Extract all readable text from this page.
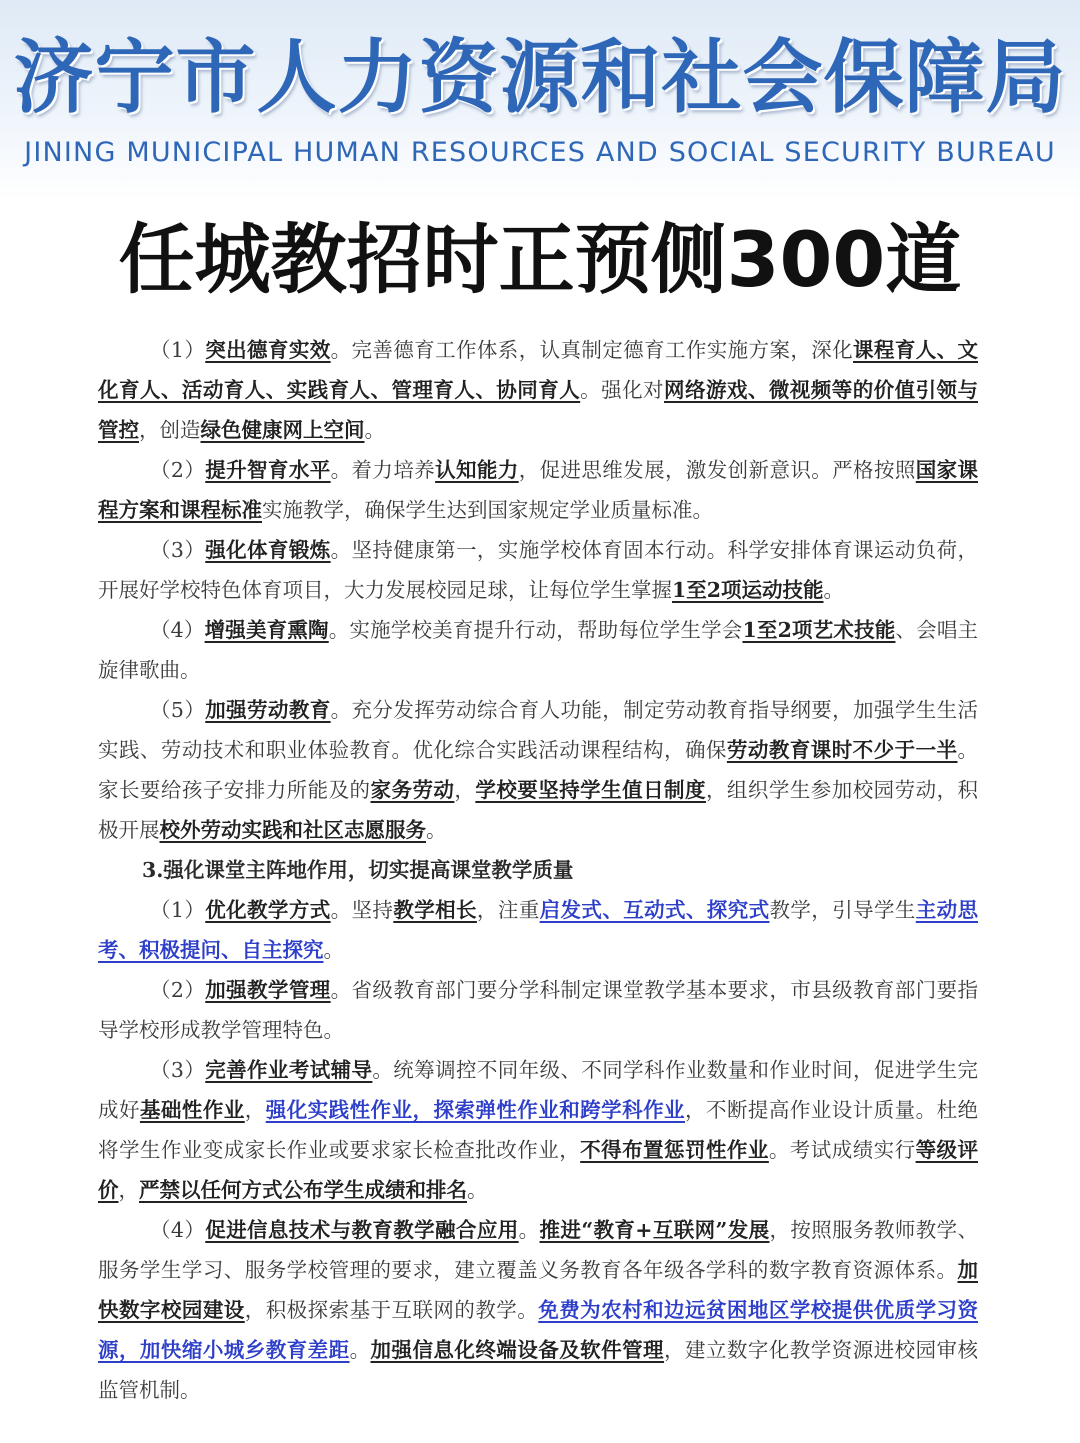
济宁市人力资源和社会保障局
JINING MUNICIPAL HUMAN RESOURCES AND SOCIAL SECURITY BUREAU
任城教招时正预侧300道

（1）突出德育实效。完善德育工作体系，认真制定德育工作实施方案，深化课程育人、文化育人、活动育人、实践育人、管理育人、协同育人。强化对网络游戏、微视频等的价值引领与管控，创造绿色健康网上空间。

（2）提升智育水平。着力培养认知能力，促进思维发展，激发创新意识。严格按照国家课程方案和课程标准实施教学，确保学生达到国家规定学业质量标准。

（3）强化体育锻炼。坚持健康第一，实施学校体育固本行动。科学安排体育课运动负荷，开展好学校特色体育项目，大力发展校园足球，让每位学生掌握1至2项运动技能。

（4）增强美育熏陶。实施学校美育提升行动，帮助每位学生学会1至2项艺术技能、会唱主旋律歌曲。

（5）加强劳动教育。充分发挥劳动综合育人功能，制定劳动教育指导纲要，加强学生生活实践、劳动技术和职业体验教育。优化综合实践活动课程结构，确保劳动教育课时不少于一半。家长要给孩子安排力所能及的家务劳动，学校要坚持学生值日制度，组织学生参加校园劳动，积极开展校外劳动实践和社区志愿服务。

3.强化课堂主阵地作用，切实提高课堂教学质量

（1）优化教学方式。坚持教学相长，注重启发式、互动式、探究式教学，引导学生主动思考、积极提问、自主探究。

（2）加强教学管理。省级教育部门要分学科制定课堂教学基本要求，市县级教育部门要指导学校形成教学管理特色。

（3）完善作业考试辅导。统筹调控不同年级、不同学科作业数量和作业时间，促进学生完成好基础性作业，强化实践性作业，探索弹性作业和跨学科作业，不断提高作业设计质量。杜绝将学生作业变成家长作业或要求家长检查批改作业，不得布置惩罚性作业。考试成绩实行等级评价，严禁以任何方式公布学生成绩和排名。

（4）促进信息技术与教育教学融合应用。推进“教育+互联网”发展，按照服务教师教学、服务学生学习、服务学校管理的要求，建立覆盖义务教育各年级各学科的数字教育资源体系。加快数字校园建设，积极探索基于互联网的教学。免费为农村和边远贫困地区学校提供优质学习资源，加快缩小城乡教育差距。加强信息化终端设备及软件管理，建立数字化教学资源进校园审核监管机制。
